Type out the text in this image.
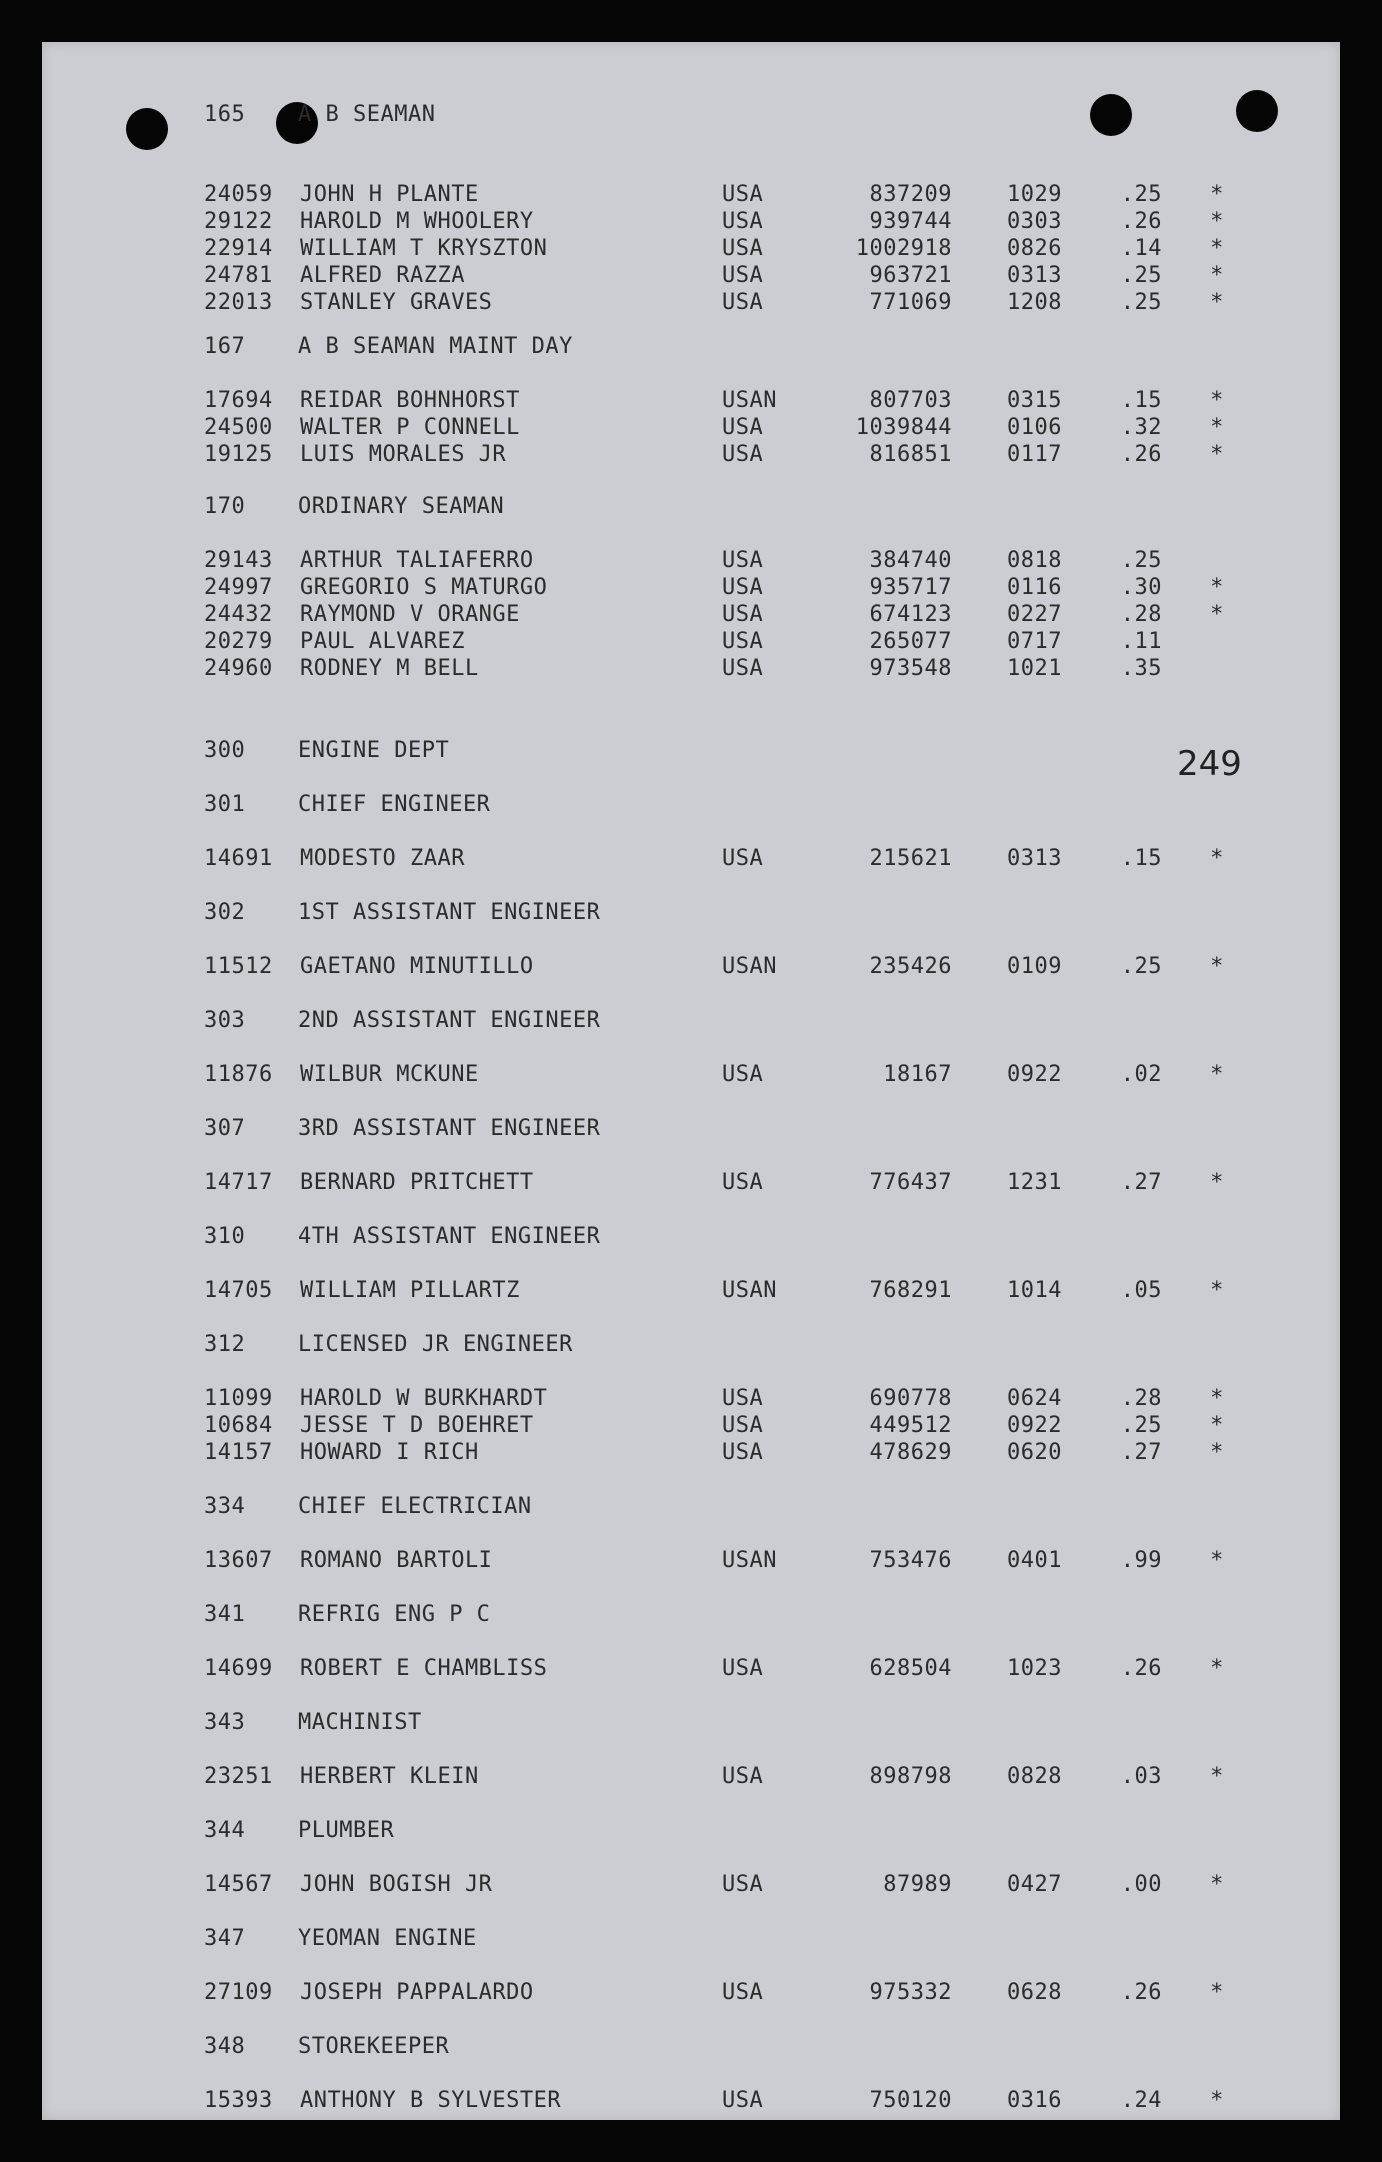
165 A B SEAMAN
24059 JOHN H PLANTE	USA	837209	1029	.25	*
29122 HAROLD M WHOOLERY	USA	939744	0303	.26	*
22914 WILLIAM T KRYSZTON	USA	1002918	0826	.14	*
24781 ALFRED RAZZA	USA	963721	0313	.25	*
22013 STANLEY GRAVES	USA	771069	1208	.25	*
167 A B SEAMAN MAINT DAY
17694 REIDAR BOHNHORST	USAN	807703	0315	.15	*
24500 WALTER P CONNELL	USA	1039844	0106	.32	*
19125 LUIS MORALES JR	USA	816851	0117	.26	*
170 ORDINARY SEAMAN
29143 ARTHUR TALIAFERRO	USA	384740	0818	.25
24997 GREGORIO S MATURGO	USA	935717	0116	.30	*
24432 RAYMOND V ORANGE	USA	674123	0227	.28	*
20279 PAUL ALVAREZ	USA	265077	0717	.11
24960 RODNEY M BELL	USA	973548	1021	.35
300 ENGINE DEPT
301 CHIEF ENGINEER
14691 MODESTO ZAAR	USA	215621	0313	.15	*
302 1ST ASSISTANT ENGINEER
11512 GAETANO MINUTILLO	USAN	235426	0109	.25	*
303 2ND ASSISTANT ENGINEER
11876 WILBUR MCKUNE	USA	18167	0922	.02	*
307 3RD ASSISTANT ENGINEER
14717 BERNARD PRITCHETT	USA	776437	1231	.27	*
310 4TH ASSISTANT ENGINEER
14705 WILLIAM PILLARTZ	USAN	768291	1014	.05	*
312 LICENSED JR ENGINEER
11099 HAROLD W BURKHARDT	USA	690778	0624	.28	*
10684 JESSE T D BOEHRET	USA	449512	0922	.25	*
14157 HOWARD I RICH	USA	478629	0620	.27	*
334 CHIEF ELECTRICIAN
13607 ROMANO BARTOLI	USAN	753476	0401	.99	*
341 REFRIG ENG P C
14699 ROBERT E CHAMBLISS	USA	628504	1023	.26	*
343 MACHINIST
23251 HERBERT KLEIN	USA	898798	0828	.03	*
344 PLUMBER
14567 JOHN BOGISH JR	USA	87989	0427	.00	*
347 YEOMAN ENGINE
27109 JOSEPH PAPPALARDO	USA	975332	0628	.26	*
348 STOREKEEPER
15393 ANTHONY B SYLVESTER	USA	750120	0316	.24	*
249
